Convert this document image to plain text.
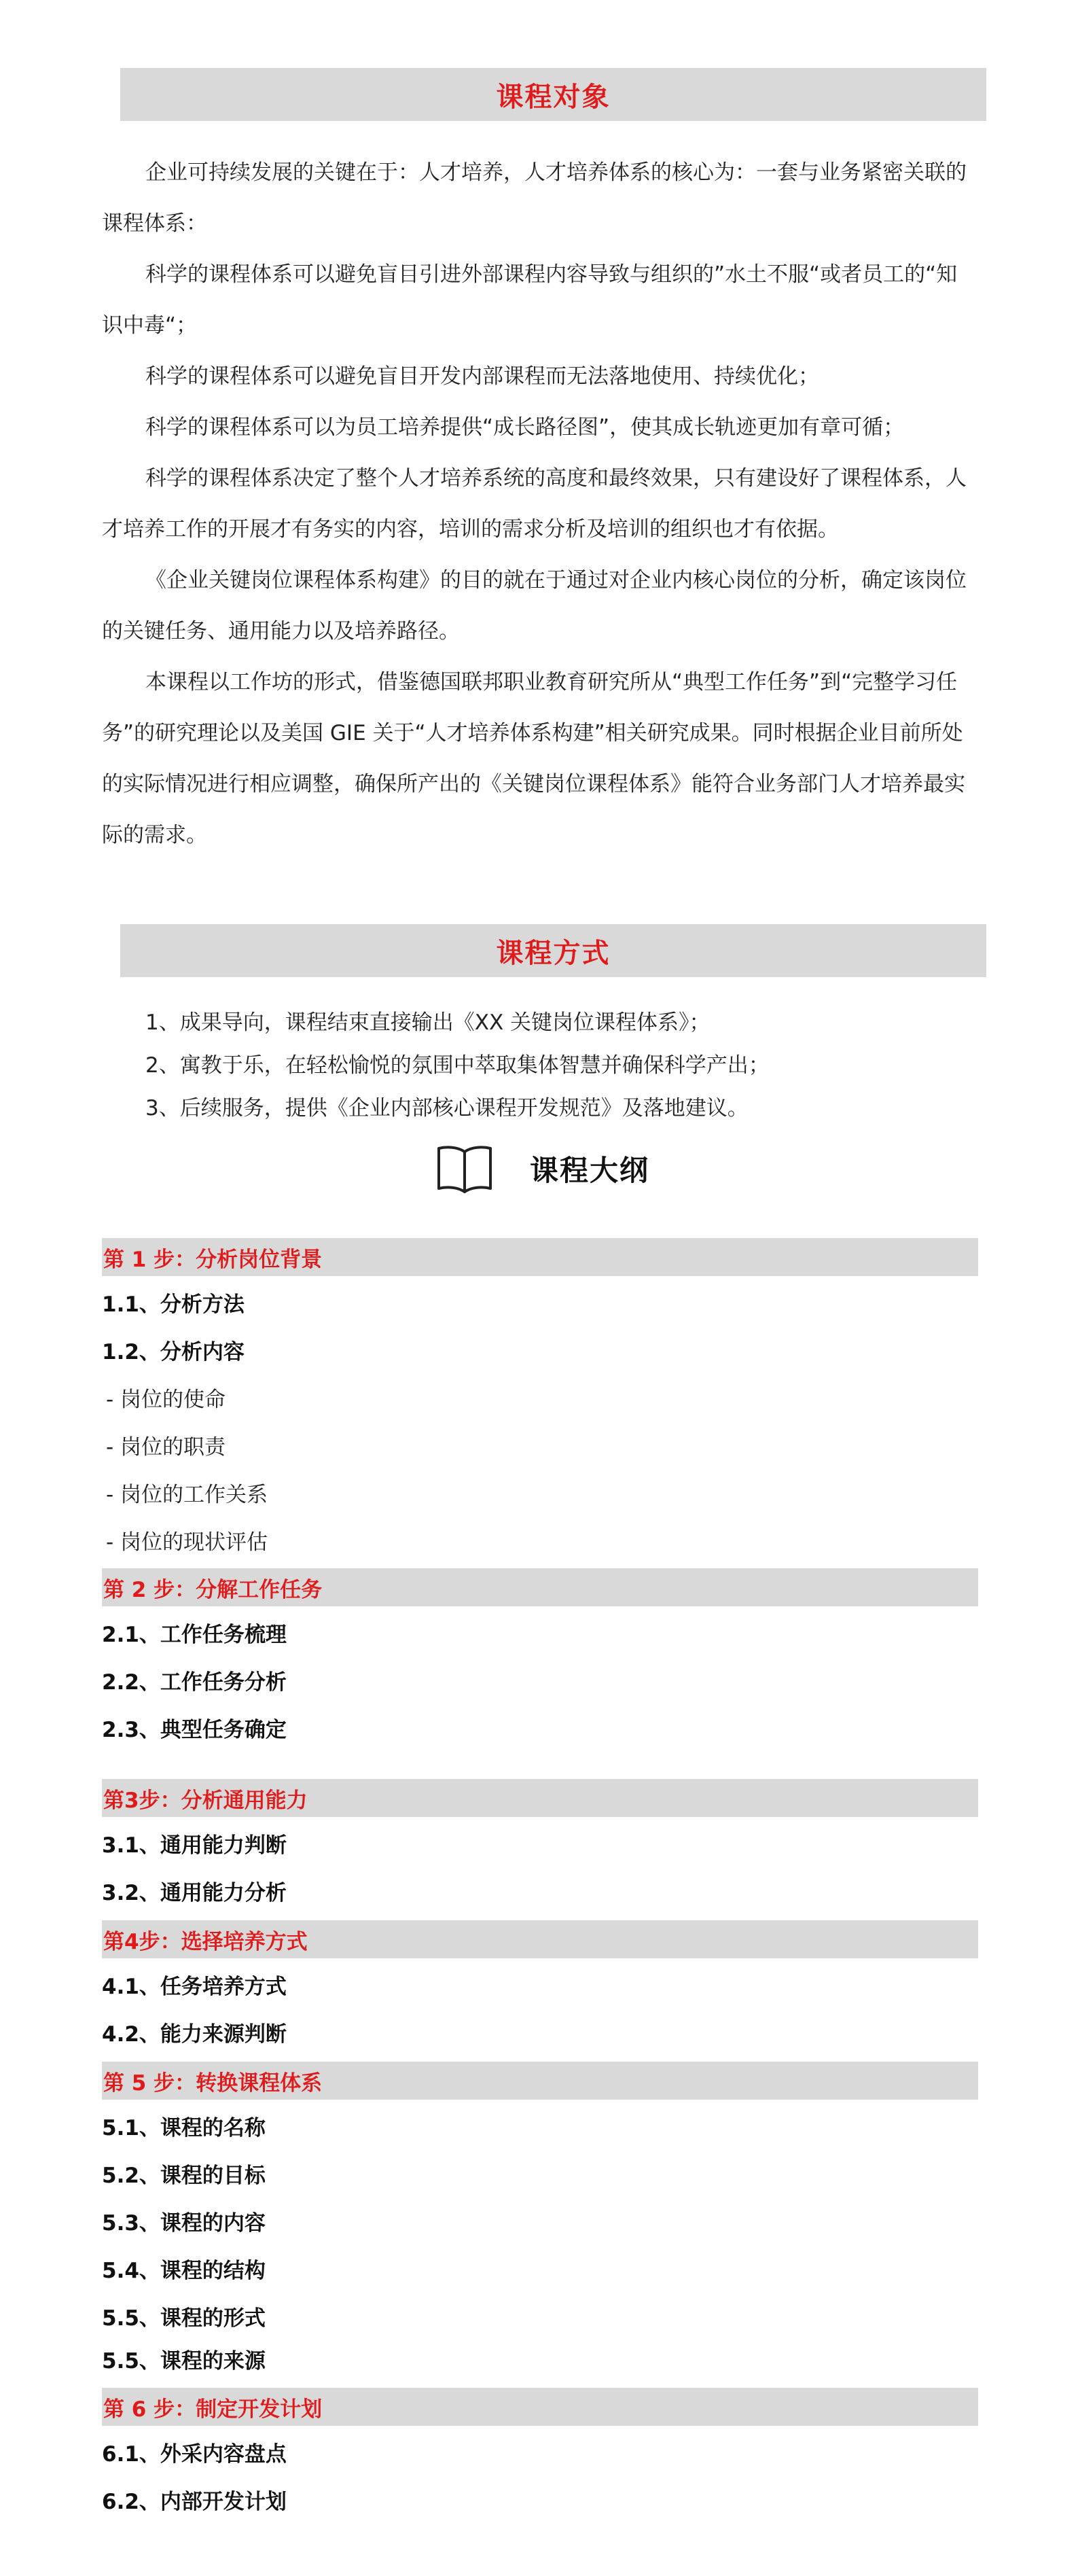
课程对象

企业可持续发展的关键在于：人才培养，人才培养体系的核心为：一套与业务紧密关联的课程体系：

科学的课程体系可以避免盲目引进外部课程内容导致与组织的”水土不服“或者员工的“知识中毒“；

科学的课程体系可以避免盲目开发内部课程而无法落地使用、持续优化；

科学的课程体系可以为员工培养提供“成长路径图”，使其成长轨迹更加有章可循；

科学的课程体系决定了整个人才培养系统的高度和最终效果，只有建设好了课程体系，人才培养工作的开展才有务实的内容，培训的需求分析及培训的组织也才有依据。

《企业关键岗位课程体系构建》的目的就在于通过对企业内核心岗位的分析，确定该岗位的关键任务、通用能力以及培养路径。

本课程以工作坊的形式，借鉴德国联邦职业教育研究所从“典型工作任务”到“完整学习任务”的研究理论以及美国 GIE 关于“人才培养体系构建”相关研究成果。同时根据企业目前所处的实际情况进行相应调整，确保所产出的《关键岗位课程体系》能符合业务部门人才培养最实际的需求。

课程方式

1、成果导向，课程结束直接输出《XX 关键岗位课程体系》；

2、寓教于乐，在轻松愉悦的氛围中萃取集体智慧并确保科学产出；

3、后续服务，提供《企业内部核心课程开发规范》及落地建议。

课程大纲
第 1 步：分析岗位背景

1.1、分析方法

1.2、分析内容

- 岗位的使命

- 岗位的职责

- 岗位的工作关系

- 岗位的现状评估

第 2 步：分解工作任务

2.1、工作任务梳理

2.2、工作任务分析

2.3、典型任务确定

第3步：分析通用能力

3.1、通用能力判断

3.2、通用能力分析

第4步：选择培养方式

4.1、任务培养方式

4.2、能力来源判断

第 5 步：转换课程体系

5.1、课程的名称

5.2、课程的目标

5.3、课程的内容

5.4、课程的结构

5.5、课程的形式

5.5、课程的来源

第 6 步：制定开发计划

6.1、外采内容盘点

6.2、内部开发计划
